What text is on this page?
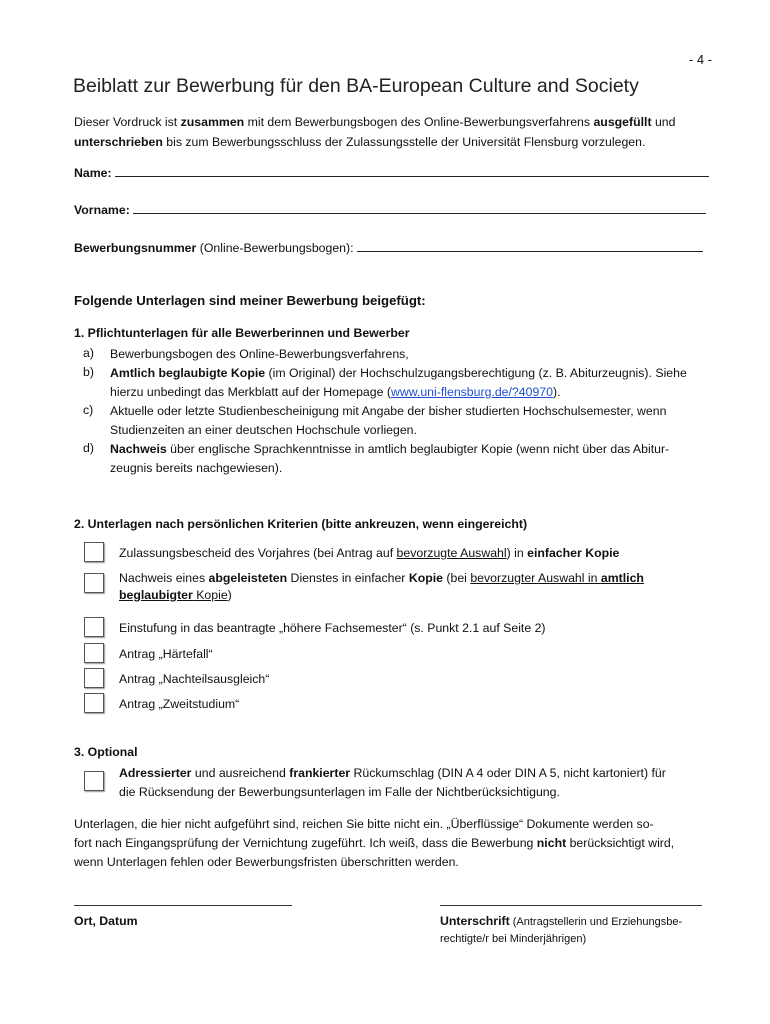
- 4 -
Beiblatt zur Bewerbung für den BA-European Culture and Society
Dieser Vordruck ist zusammen mit dem Bewerbungsbogen des Online-Bewerbungsverfahrens ausgefüllt und unterschrieben bis zum Bewerbungsschluss der Zulassungsstelle der Universität Flensburg vorzulegen.
Name:
Vorname:
Bewerbungsnummer (Online-Bewerbungsbogen):
Folgende Unterlagen sind meiner Bewerbung beigefügt:
1. Pflichtunterlagen für alle Bewerberinnen und Bewerber
a) Bewerbungsbogen des Online-Bewerbungsverfahrens,
b) Amtlich beglaubigte Kopie (im Original) der Hochschulzugangsberechtigung (z. B. Abiturzeugnis). Siehe
hierzu unbedingt das Merkblatt auf der Homepage (www.uni-flensburg.de/?40970).
c) Aktuelle oder letzte Studienbescheinigung mit Angabe der bisher studierten Hochschulsemester, wenn
Studienzeiten an einer deutschen Hochschule vorliegen.
d) Nachweis über englische Sprachkenntnisse in amtlich beglaubigter Kopie (wenn nicht über das Abitur-
zeugnis bereits nachgewiesen).
2. Unterlagen nach persönlichen Kriterien (bitte ankreuzen, wenn eingereicht)
Zulassungsbescheid des Vorjahres (bei Antrag auf bevorzugte Auswahl) in einfacher Kopie
Nachweis eines abgeleisteten Dienstes in einfacher Kopie (bei bevorzugter Auswahl in amtlich
beglaubigter Kopie)
Einstufung in das beantragte „höhere Fachsemester“ (s. Punkt 2.1 auf Seite 2)
Antrag „Härtefall“
Antrag „Nachteilsausgleich“
Antrag „Zweitstudium“
3. Optional
Adressierter und ausreichend frankierter Rückumschlag (DIN A 4 oder DIN A 5, nicht kartoniert) für
die Rücksendung der Bewerbungsunterlagen im Falle der Nichtberücksichtigung.
Unterlagen, die hier nicht aufgeführt sind, reichen Sie bitte nicht ein. „Überflüssige“ Dokumente werden so-
fort nach Eingangsprüfung der Vernichtung zugeführt. Ich weiß, dass die Bewerbung nicht berücksichtigt wird,
wenn Unterlagen fehlen oder Bewerbungsfristen überschritten werden.
Ort, Datum	Unterschrift (Antragstellerin und Erziehungsbe-
rechtigte/r bei Minderjährigen)
